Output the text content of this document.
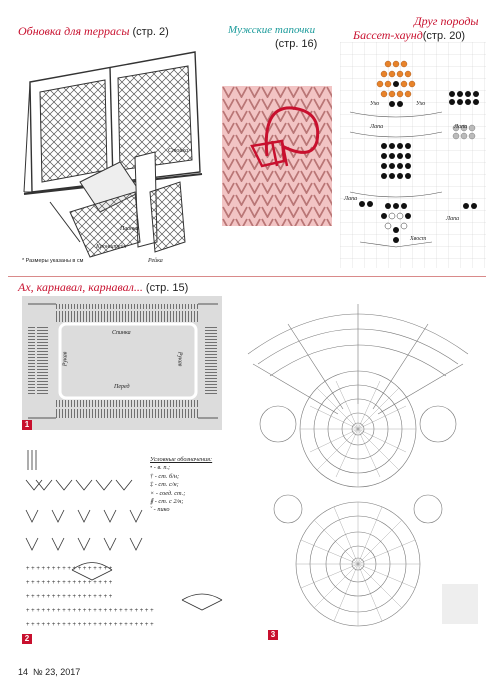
Обновка для террасы (стр. 2)	Мужские тапочки
(стр. 16)
Друг породы
Бассет-хаунд(стр. 20)
* Размеры указаны в см
Стойка
Кронштейн
Планка
Рейка
Ухо	Ухо
Лапа	Лапа
Лапа
Лапа
Хвост
Ах, карнавал, карнавал... (стр. 15)
Спинка
Перед
Рукав	Рукав
1
+ + + + + + + + + + + + + + + + +
+ + + + + + + + + + + + + + + + +
+ + + + + + + + + + + + + + + + +
+ + + + + + + + + + + + + + + + + + + + + + + + +
+ + + + + + + + + + + + + + + + + + + + + + + + +
Условные обозначения:
• - в. п.;
† - ст. б/н;
‡ - ст. с/н;
× - соед. ст.;
∦ - ст. с 2/н;
ˇ - пико
2	3
14 № 23, 2017
